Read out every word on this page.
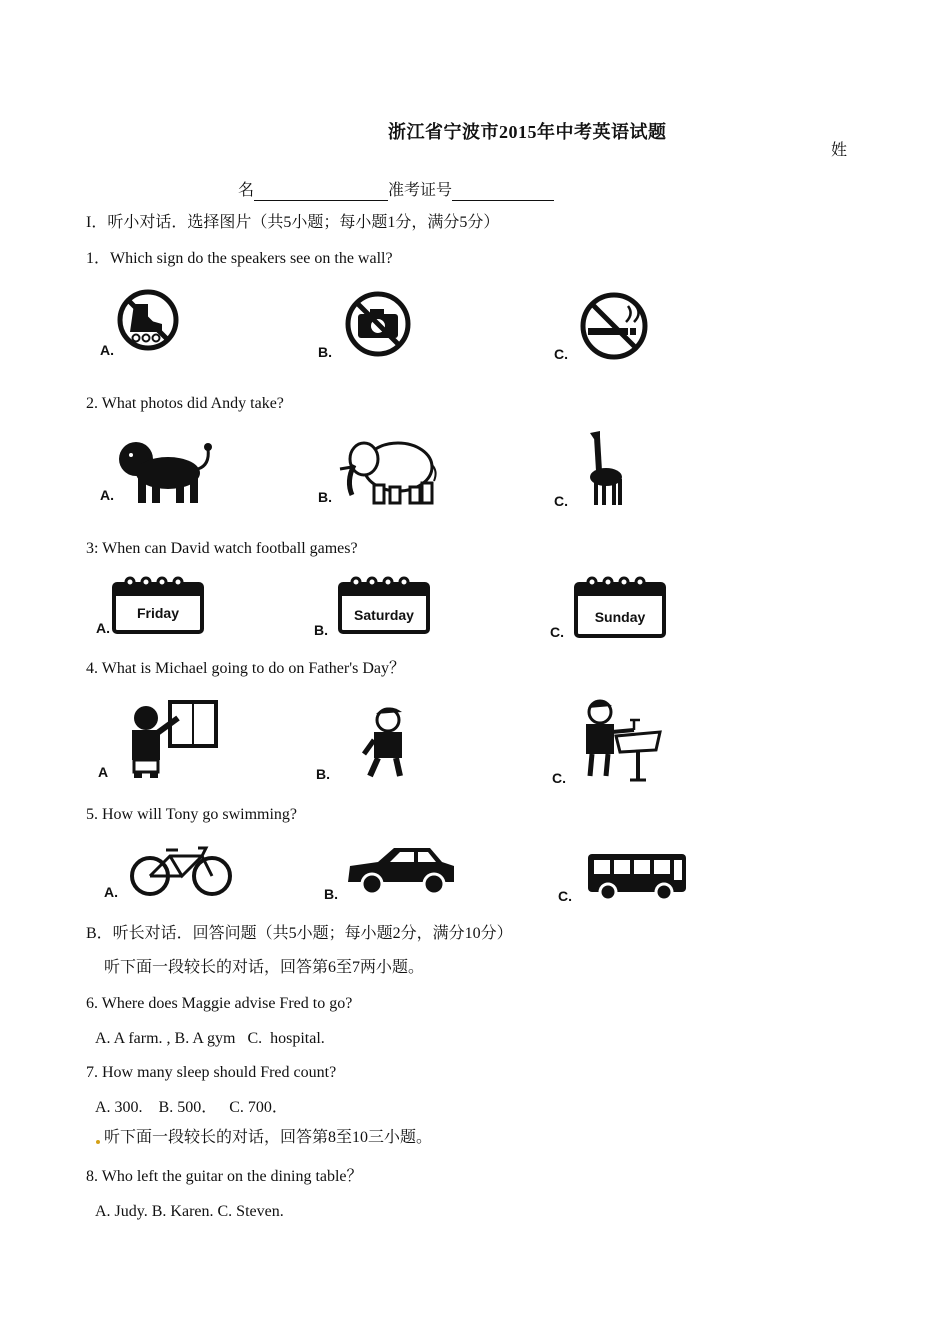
浙江省宁波市2015年中考英语试题
姓
名	准考证号
I．听小对话．选择图片（共5小题；每小题1分，满分5分）
1．Which sign do the speakers see on the wall?
A.	B.	C.
2. What photos did Andy take?
A.	B.	C.
3: When can David watch football games?
Friday
A.
Saturday
B.
Sunday
C.
4. What is Michael going to do on Father's Day？
A	B.	C.
5. How will Tony go swimming?
A.	B.	C.
B．听长对话．回答问题（共5小题；每小题2分，满分10分）
听下面一段较长的对话，回答第6至7两小题。
6. Where does Maggie advise Fred to go?
A. A farm. , B. A gym   C.  hospital.
7. How many sleep should Fred count?
A. 300.    B. 500．   C. 700．
听下面一段较长的对话，回答第8至10三小题。
8. Who left the guitar on the dining table？
A. Judy. B. Karen. C. Steven.
